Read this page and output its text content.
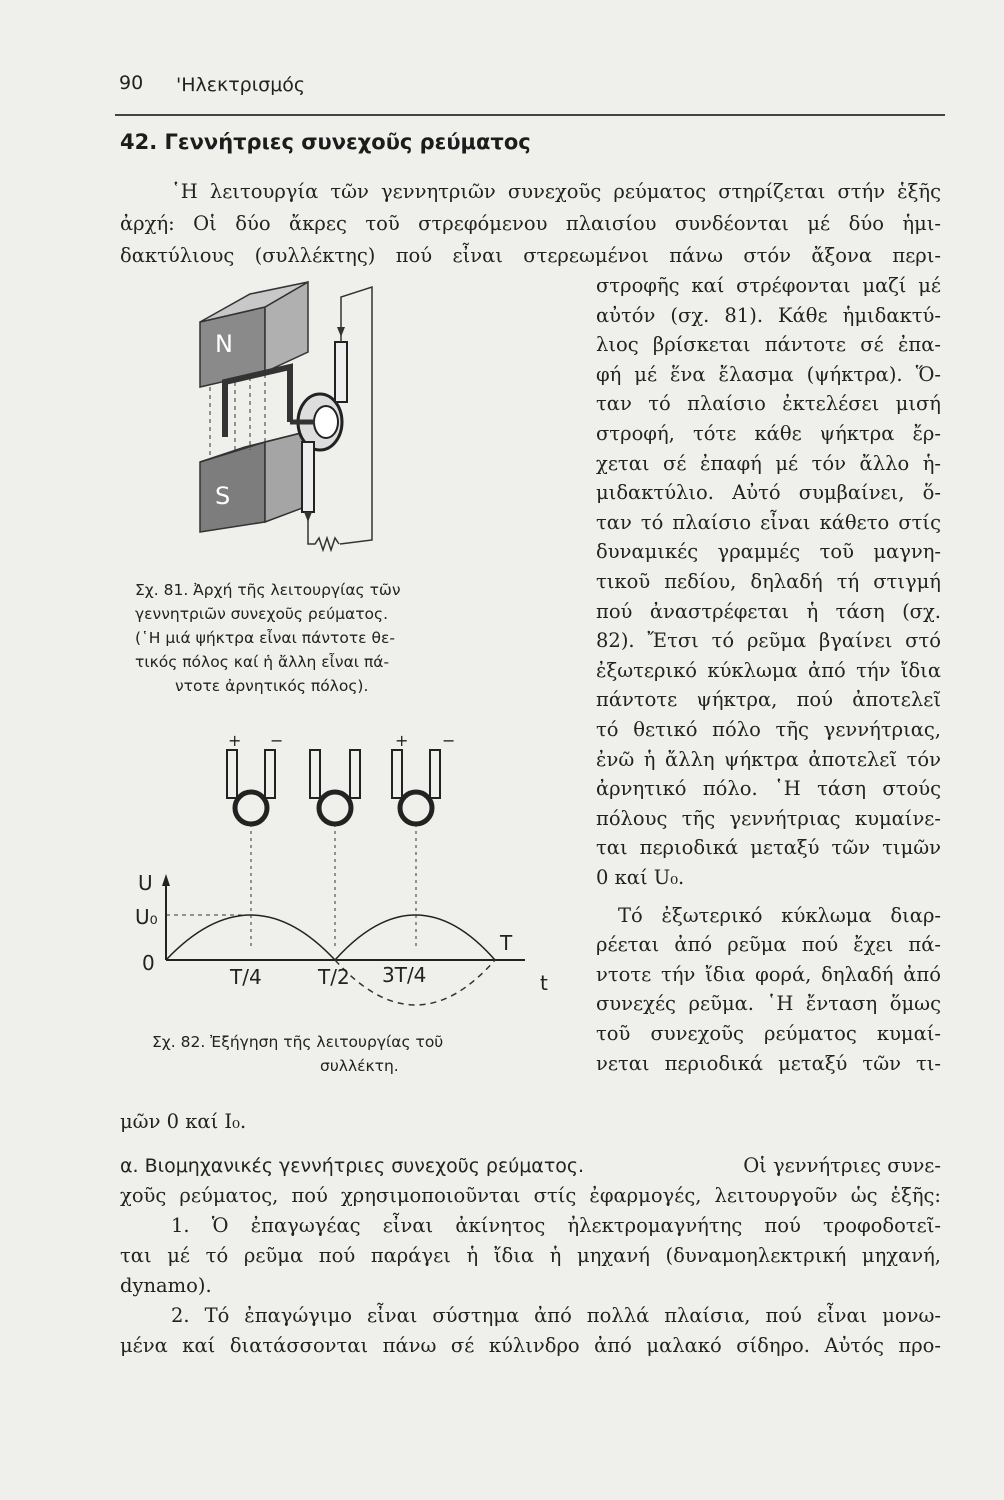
90 'Ηλεκτρισμός
42. Γεννήτριες συνεχοῦς ρεύματος
῾Η λειτουργία τῶν γεννητριῶν συνεχοῦς ρεύματος στηρίζεται στήν ἑξῆς
ἀρχή: Οἱ δύο ἄκρες τοῦ στρεφόμενου πλαισίου συνδέονται μέ δύο ἡμι-
δακτύλιους (συλλέκτης) πού εἶναι στερεωμένοι πάνω στόν ἄξονα περι-
στροφῆς καί στρέφονται μαζί μέ
αὐτόν (σχ. 81). Κάθε ἡμιδακτύ-
λιος βρίσκεται πάντοτε σέ ἐπα-
φή μέ ἕνα ἔλασμα (ψήκτρα). Ὅ-
ταν τό πλαίσιο ἐκτελέσει μισή
στροφή, τότε κάθε ψήκτρα ἔρ-
χεται σέ ἐπαφή μέ τόν ἄλλο ἡ-
μιδακτύλιο. Αὐτό συμβαίνει, ὅ-
ταν τό πλαίσιο εἶναι κάθετο στίς
δυναμικές γραμμές τοῦ μαγνη-
τικοῦ πεδίου, δηλαδή τή στιγμή
πού ἀναστρέφεται ἡ τάση (σχ.
82). Ἔτσι τό ρεῦμα βγαίνει στό
ἐξωτερικό κύκλωμα ἀπό τήν ἴδια
πάντοτε ψήκτρα, πού ἀποτελεῖ
τό θετικό πόλο τῆς γεννήτριας,
ἐνῶ ἡ ἄλλη ψήκτρα ἀποτελεῖ τόν
ἀρνητικό πόλο. ῾Η τάση στούς
πόλους τῆς γεννήτριας κυμαίνε-
ται περιοδικά μεταξύ τῶν τιμῶν
0 καί U₀.
Τό ἐξωτερικό κύκλωμα διαρ-
ρέεται ἀπό ρεῦμα πού ἔχει πά-
ντοτε τήν ἴδια φορά, δηλαδή ἀπό
συνεχές ρεῦμα. ῾Η ἔνταση ὅμως
τοῦ συνεχοῦς ρεύματος κυμαί-
νεται περιοδικά μεταξύ τῶν τι-
N
S
Σχ. 81. Ἀρχή τῆς λειτουργίας τῶν
γεννητριῶν συνεχοῦς ρεύματος.
(῾Η μιά ψήκτρα εἶναι πάντοτε θε-
τικός πόλος καί ἡ ἄλλη εἶναι πά-
ντοτε ἀρνητικός πόλος).
+ −	+ −
U
U₀
0
T/4	T/2 3T/4
T
t
Σχ. 82. Ἐξήγηση τῆς λειτουργίας τοῦ
συλλέκτη.
μῶν 0 καί I₀.
α. Βιομηχανικές γεννήτριες συνεχοῦς ρεύματος.	Οἱ γεννήτριες συνε-
χοῦς ρεύματος, πού χρησιμοποιοῦνται στίς ἐφαρμογές, λειτουργοῦν ὡς ἑξῆς:
1. Ὁ ἐπαγωγέας εἶναι ἀκίνητος ἠλεκτρομαγνήτης πού τροφοδοτεῖ-
ται μέ τό ρεῦμα πού παράγει ἡ ἴδια ἡ μηχανή (δυναμοηλεκτρική μηχανή,
dynamo).
2. Τό ἐπαγώγιμο εἶναι σύστημα ἀπό πολλά πλαίσια, πού εἶναι μονω-
μένα καί διατάσσονται πάνω σέ κύλινδρο ἀπό μαλακό σίδηρο. Αὐτός προ-
